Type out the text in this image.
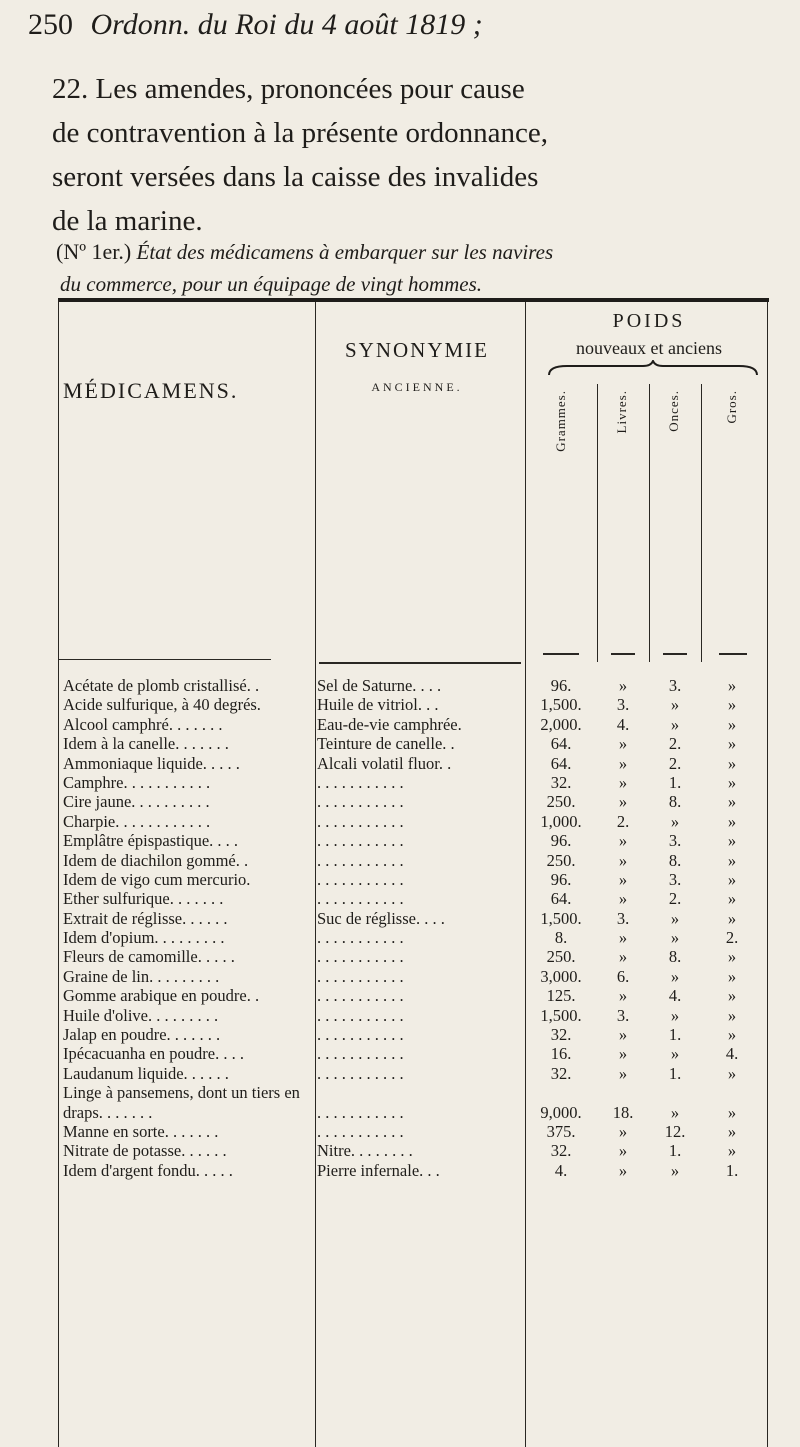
250 Ordonn. du Roi du 4 août 1819 ;
22. Les amendes, prononcées pour cause
de contravention à la présente ordonnance,
seront versées dans la caisse des invalides
de la marine.
(Nº 1er.) État des médicamens à embarquer sur les navires
du commerce, pour un équipage de vingt hommes.
MÉDICAMENS.
SYNONYMIE
ANCIENNE.
POIDS
nouveaux et anciens
Grammes.	Livres.	Onces.	Gros.
Acétate de plomb cristallisé. .	Sel de Saturne. . . .	96.	»	3.	»
Acide sulfurique, à 40 degrés.	Huile de vitriol. . .	1,500.	3.	»	»
Alcool camphré. . . . . . .	Eau-de-vie camphrée.	2,000.	4.	»	»
Idem à la canelle. . . . . . .	Teinture de canelle. .	64.	»	2.	»
Ammoniaque liquide. . . . .	Alcali volatil fluor. .	64.	»	2.	»
Camphre. . . . . . . . . . .	. . . . . . . . . . .	32.	»	1.	»
Cire jaune. . . . . . . . . .	. . . . . . . . . . .	250.	»	8.	»
Charpie. . . . . . . . . . . .	. . . . . . . . . . .	1,000.	2.	»	»
Emplâtre épispastique. . . .	. . . . . . . . . . .	96.	»	3.	»
Idem de diachilon gommé. .	. . . . . . . . . . .	250.	»	8.	»
Idem de vigo cum mercurio.	. . . . . . . . . . .	96.	»	3.	»
Ether sulfurique. . . . . . .	. . . . . . . . . . .	64.	»	2.	»
Extrait de réglisse. . . . . .	Suc de réglisse. . . .	1,500.	3.	»	»
Idem d'opium. . . . . . . . .	. . . . . . . . . . .	8.	»	»	2.
Fleurs de camomille. . . . .	. . . . . . . . . . .	250.	»	8.	»
Graine de lin. . . . . . . . .	. . . . . . . . . . .	3,000.	6.	»	»
Gomme arabique en poudre. .	. . . . . . . . . . .	125.	»	4.	»
Huile d'olive. . . . . . . . .	. . . . . . . . . . .	1,500.	3.	»	»
Jalap en poudre. . . . . . .	. . . . . . . . . . .	32.	»	1.	»
Ipécacuanha en poudre. . . .	. . . . . . . . . . .	16.	»	»	4.
Laudanum liquide. . . . . .	. . . . . . . . . . .	32.	»	1.	»
Linge à pansemens, dont un tiers en draps. . . . . . .	. . . . . . . . . . .	9,000.	18.	»	»
Manne en sorte. . . . . . .	. . . . . . . . . . .	375.	»	12.	»
Nitrate de potasse. . . . . .	Nitre. . . . . . . .	32.	»	1.	»
Idem d'argent fondu. . . . .	Pierre infernale. . .	4.	»	»	1.
